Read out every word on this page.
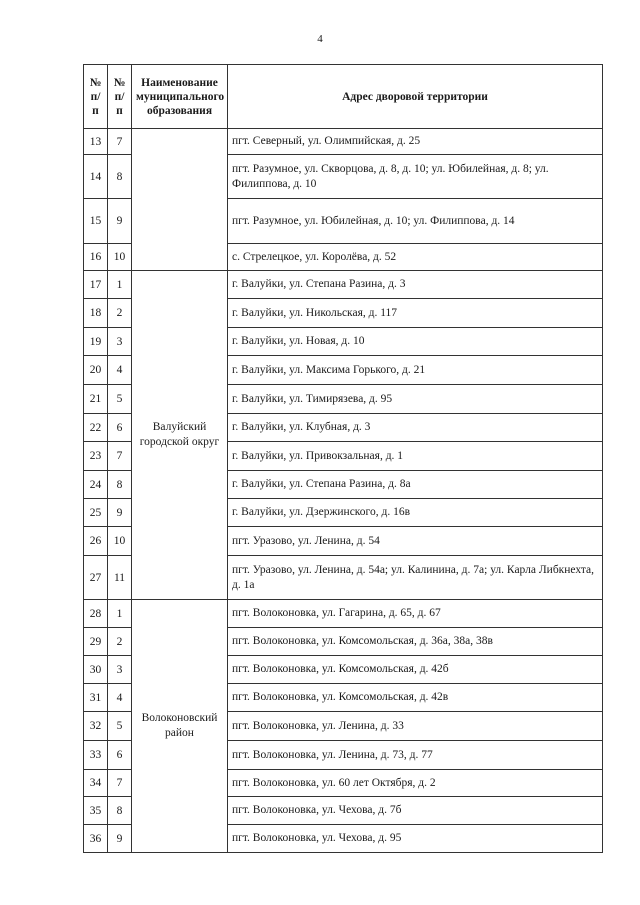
4
№ п/п	№ п/п	Наименование муниципального образования	Адрес дворовой территории
13	7		пгт. Северный, ул. Олимпийская, д. 25
14	8		пгт. Разумное, ул. Скворцова, д. 8, д. 10; ул. Юбилейная, д. 8; ул. Филиппова, д. 10
15	9		пгт. Разумное, ул. Юбилейная, д. 10; ул. Филиппова, д. 14
16	10		с. Стрелецкое, ул. Королёва, д. 52
17	1	Валуйский городской округ	г. Валуйки, ул. Степана Разина, д. 3
18	2		г. Валуйки, ул. Никольская, д. 117
19	3		г. Валуйки, ул. Новая, д. 10
20	4		г. Валуйки, ул. Максима Горького, д. 21
21	5		г. Валуйки, ул. Тимирязева, д. 95
22	6		г. Валуйки, ул. Клубная, д. 3
23	7		г. Валуйки, ул. Привокзальная, д. 1
24	8		г. Валуйки, ул. Степана Разина, д. 8а
25	9		г. Валуйки, ул. Дзержинского, д. 16в
26	10		пгт. Уразово, ул. Ленина, д. 54
27	11		пгт. Уразово, ул. Ленина, д. 54а; ул. Калинина, д. 7а; ул. Карла Либкнехта, д. 1а
28	1	Волоконовский район	пгт. Волоконовка, ул. Гагарина, д. 65, д. 67
29	2		пгт. Волоконовка, ул. Комсомольская, д. 36а, 38а, 38в
30	3		пгт. Волоконовка, ул. Комсомольская, д. 42б
31	4		пгт. Волоконовка, ул. Комсомольская, д. 42в
32	5		пгт. Волоконовка, ул. Ленина, д. 33
33	6		пгт. Волоконовка, ул. Ленина, д. 73, д. 77
34	7		пгт. Волоконовка, ул. 60 лет Октября, д. 2
35	8		пгт. Волоконовка, ул. Чехова, д. 7б
36	9		пгт. Волоконовка, ул. Чехова, д. 95
